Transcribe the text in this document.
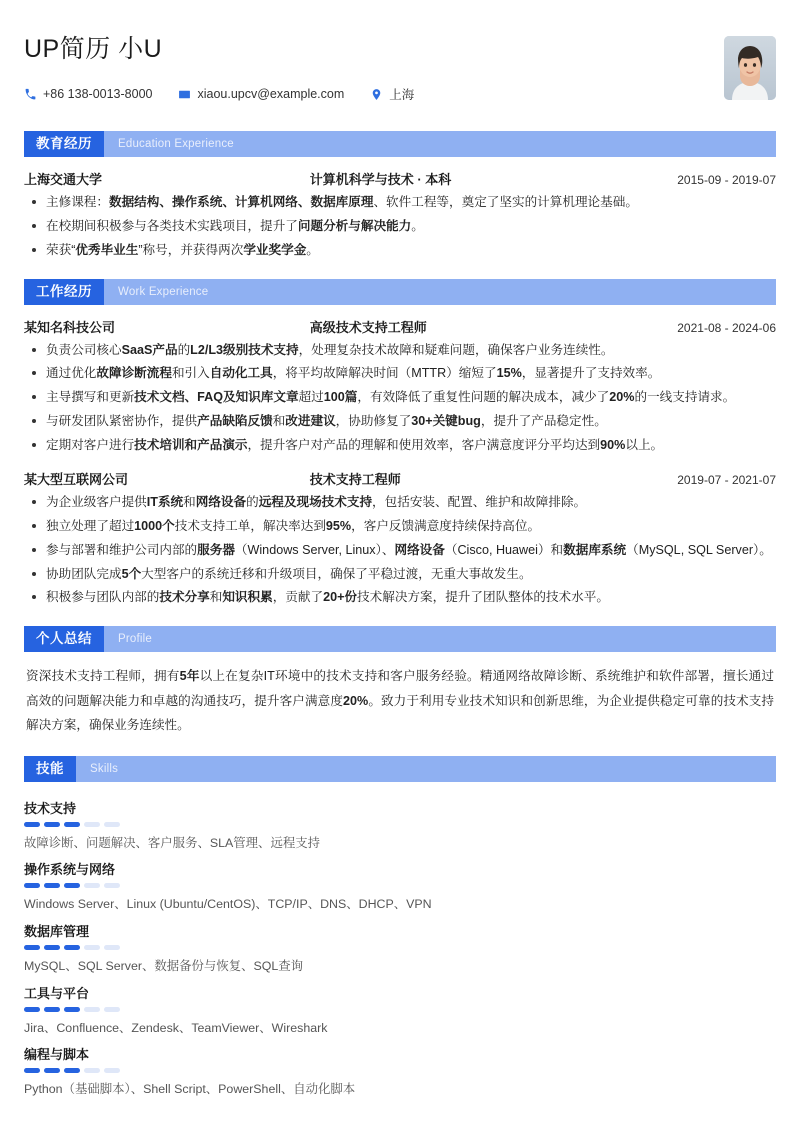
UP简历 小U
+86 138-0013-8000	xiaou.upcv@example.com	上海
教育经历	Education Experience
上海交通大学	计算机科学与技术 · 本科	2015-09 - 2019-07
主修课程：数据结构、操作系统、计算机网络、数据库原理、软件工程等，奠定了坚实的计算机理论基础。
在校期间积极参与各类技术实践项目，提升了问题分析与解决能力。
荣获“优秀毕业生”称号，并获得两次学业奖学金。
工作经历	Work Experience
某知名科技公司	高级技术支持工程师	2021-08 - 2024-06
负责公司核心SaaS产品的L2/L3级别技术支持，处理复杂技术故障和疑难问题，确保客户业务连续性。
通过优化故障诊断流程和引入自动化工具，将平均故障解决时间（MTTR）缩短了15%，显著提升了支持效率。
主导撰写和更新技术文档、FAQ及知识库文章超过100篇，有效降低了重复性问题的解决成本，减少了20%的一线支持请求。
与研发团队紧密协作，提供产品缺陷反馈和改进建议，协助修复了30+关键bug，提升了产品稳定性。
定期对客户进行技术培训和产品演示，提升客户对产品的理解和使用效率，客户满意度评分平均达到90%以上。
某大型互联网公司	技术支持工程师	2019-07 - 2021-07
为企业级客户提供IT系统和网络设备的远程及现场技术支持，包括安装、配置、维护和故障排除。
独立处理了超过1000个技术支持工单，解决率达到95%，客户反馈满意度持续保持高位。
参与部署和维护公司内部的服务器（Windows Server, Linux）、网络设备（Cisco, Huawei）和数据库系统（MySQL, SQL Server）。
协助团队完成5个大型客户的系统迁移和升级项目，确保了平稳过渡，无重大事故发生。
积极参与团队内部的技术分享和知识积累，贡献了20+份技术解决方案，提升了团队整体的技术水平。
个人总结	Profile
资深技术支持工程师，拥有5年以上在复杂IT环境中的技术支持和客户服务经验。精通网络故障诊断、系统维护和软件部署，擅长通过高效的问题解决能力和卓越的沟通技巧，提升客户满意度20%。致力于利用专业技术知识和创新思维，为企业提供稳定可靠的技术支持解决方案，确保业务连续性。
技能	Skills
技术支持
故障诊断、问题解决、客户服务、SLA管理、远程支持
操作系统与网络
Windows Server、Linux (Ubuntu/CentOS)、TCP/IP、DNS、DHCP、VPN
数据库管理
MySQL、SQL Server、数据备份与恢复、SQL查询
工具与平台
Jira、Confluence、Zendesk、TeamViewer、Wireshark
编程与脚本
Python（基础脚本）、Shell Script、PowerShell、自动化脚本
